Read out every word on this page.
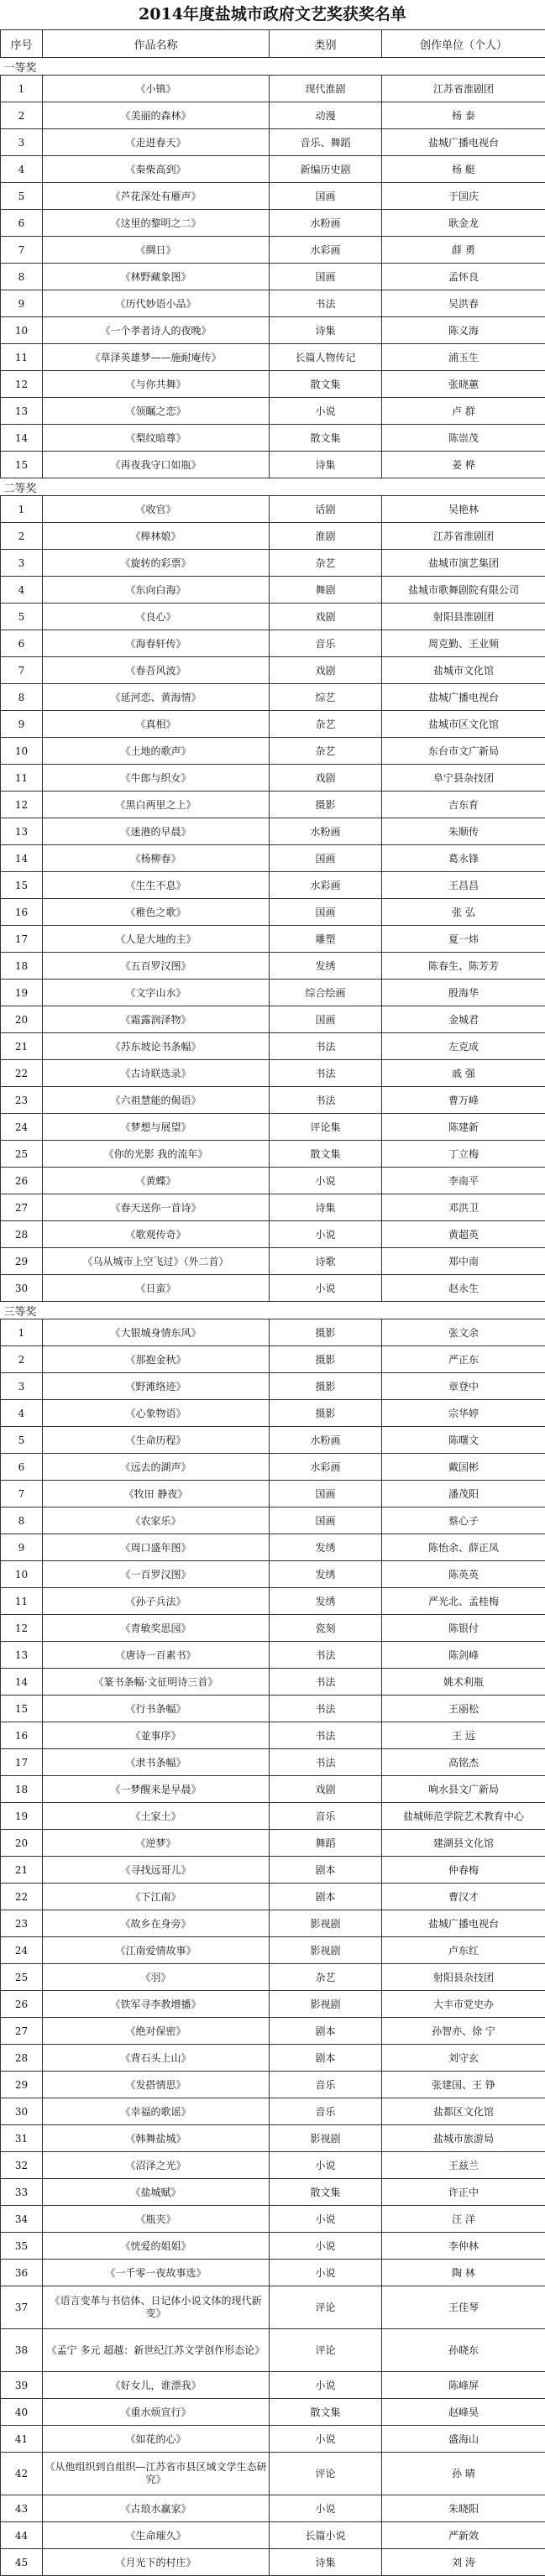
2014年度盐城市政府文艺奖获奖名单
序号	作品名称	类别	创作单位（个人）
一等奖			
1	《小镇》	现代淮剧	江苏省淮剧团
2	《美丽的森林》	动漫	杨 泰
3	《走进春天》	音乐、舞蹈	盐城广播电视台
4	《秦柴高到》	新编历史剧	杨 艇
5	《芦花深处有雁声》	国画	于国庆
6	《这里的黎明之二》	水粉画	耿金龙
7	《绸日》	水彩画	薛 勇
8	《林野藏象图》	国画	孟怀良
9	《历代妙语小品》	书法	吴洪春
10	《一个孝者诗人的夜晚》	诗集	陈义海
11	《草泽英雄梦——施耐庵传》	长篇人物传记	浦玉生
12	《与你共舞》	散文集	张晓蕙
13	《领瞩之恋》	小说	卢 群
14	《梨纹暗尊》	散文集	陈崇茂
15	《再夜我守口如瓶》	诗集	姜 桦
二等奖			
1	《收官》	话剧	吴艳林
2	《榉林娘》	淮剧	江苏省淮剧团
3	《旋转的彩票》	杂艺	盐城市演艺集团
4	《东向白海》	舞剧	盐城市歌舞剧院有限公司
5	《良心》	戏剧	射阳县淮剧团
6	《海春轩传》	音乐	周克勤、王业频
7	《春吾风波》	戏剧	盐城市文化馆
8	《延河恋、黄海情》	综艺	盐城广播电视台
9	《真相》	杂艺	盐城市区文化馆
10	《土地的歌声》	杂艺	东台市文广新局
11	《牛郎与织女》	戏剧	阜宁县杂技团
12	《黑白两里之上》	摄影	吉东育
13	《迷港的早晨》	水粉画	朱顺传
14	《杨柳春》	国画	葛永锋
15	《生生不息》	水彩画	王昌昌
16	《稚色之歌》	国画	张 弘
17	《人是大地的主》	雕塑	夏一炜
18	《五百罗汉图》	发绣	陈春生、陈芳芳
19	《文字山水》	综合绘画	殷海华
20	《霜露润泽物》	国画	金城君
21	《苏东坡论书条幅》	书法	左克成
22	《古诗联选录》	书法	戚 强
23	《六祖慧能的偈语》	书法	曹万峰
24	《梦想与展望》	评论集	陈建新
25	《你的光影 我的流年》	散文集	丁立梅
26	《黄蝶》	小说	李南平
27	《春天送你一首诗》	诗集	邓洪卫
28	《歌观传奇》	小说	黄超英
29	《乌从城市上空飞过》（外二首）	诗歌	郑中南
30	《日蛮》	小说	赵永生
三等奖			
1	《大银城身情东风》	摄影	张文余
2	《那抱金秋》	摄影	严正东
3	《野滩络迹》	摄影	章登中
4	《心象物语》	摄影	宗华婷
5	《生命历程》	水粉画	陈曙文
6	《远去的湖声》	水彩画	戴国彬
7	《牧田 静夜》	国画	潘茂阳
8	《农家乐》	国画	蔡心子
9	《周口盛年图》	发绣	陈怡余、薛正凤
10	《一百罗汉图》	发绣	陈英英
11	《孙子兵法》	发绣	严光北、孟桂梅
12	《青敏奖思园》	瓷刻	陈银付
13	《唐诗一百素书》	书法	陈剑峰
14	《篆书条幅·文征明诗三首》	书法	姚术利瓶
15	《行书条幅》	书法	王丽松
16	《並事序》	书法	王 远
17	《隶书条幅》	书法	高铭杰
18	《一梦醒来是早晨》	戏剧	响水县文广新局
19	《土家土》	音乐	盐城师范学院艺术教育中心
20	《逆梦》	舞蹈	建湖县文化馆
21	《寻找远哥儿》	剧本	仲春梅
22	《下江南》	剧本	曹汉才
23	《故乡在身旁》	影视剧	盐城广播电视台
24	《江南爱情故事》	影视剧	卢东红
25	《羽》	杂艺	射阳县杂技团
26	《铁军寻李教增播》	影视剧	大丰市党史办
27	《绝对保密》	剧本	孙智亦、徐 宁
28	《背石头上山》	剧本	刘守玄
29	《发搭情思》	音乐	张建国、王 铮
30	《幸福的歌谣》	音乐	盐都区文化馆
31	《韩舞盐城》	影视剧	盐城市旅游局
32	《沼泽之光》	小说	王兹兰
33	《盐城赋》	散文集	许正中
34	《瓶夹》	小说	汪 洋
35	《恍爱的姐姐》	小说	李仲林
36	《一千零一夜故事选》	小说	陶 林
37	《语言变革与书信体、日记体小说文体的现代新变》	评论	王佳琴
38	《孟宁 多元 超越：新世纪江苏文学创作形态论》	评论	孙晓东
39	《好女儿，谁漂我》	小说	陈峰屏
40	《重水烦宣行》	散文集	赵峰昊
41	《如花的心》	小说	盛海山
42	《从他组织到自组织—江苏省市县区域文学生态研究》	评论	孙 晴
43	《古琅水赢家》	小说	朱晓阳
44	《生命璀久》	长篇小说	严新效
45	《月光下的村庄》	诗集	刘 涛
